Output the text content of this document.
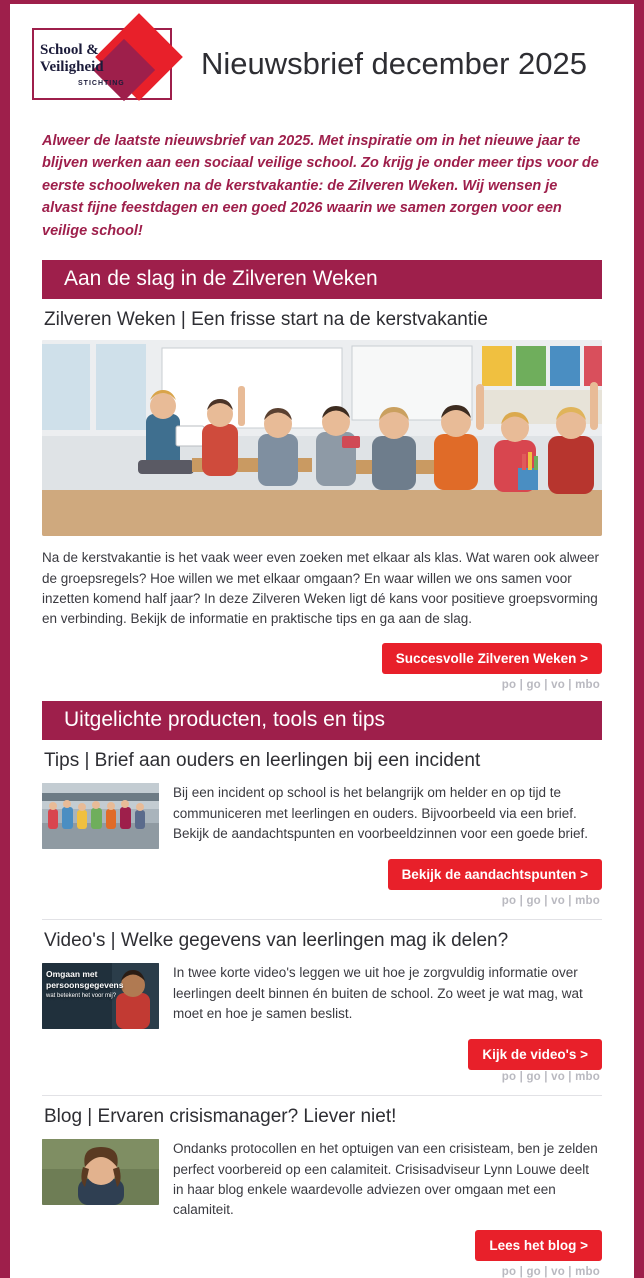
School &
Veiligheid
STICHTING
Nieuwsbrief december 2025
Alweer de laatste nieuwsbrief van 2025. Met inspiratie om in het nieuwe jaar te blijven werken aan een sociaal veilige school. Zo krijg je onder meer tips voor de eerste schoolweken na de kerstvakantie: de Zilveren Weken. Wij wensen je alvast fijne feestdagen en een goed 2026 waarin we samen zorgen voor een veilige school!
Aan de slag in de Zilveren Weken
Zilveren Weken | Een frisse start na de kerstvakantie
Na de kerstvakantie is het vaak weer even zoeken met elkaar als klas. Wat waren ook alweer de groepsregels? Hoe willen we met elkaar omgaan? En waar willen we ons samen voor inzetten komend half jaar? In deze Zilveren Weken ligt dé kans voor positieve groepsvorming en verbinding. Bekijk de informatie en praktische tips en ga aan de slag.
Succesvolle Zilveren Weken >
po | go | vo | mbo
Uitgelichte producten, tools en tips
Tips | Brief aan ouders en leerlingen bij een incident
Bij een incident op school is het belangrijk om helder en op tijd te communiceren met leerlingen en ouders. Bijvoorbeeld via een brief. Bekijk de aandachtspunten en voorbeeldzinnen voor een goede brief.
Bekijk de aandachtspunten >
po | go | vo | mbo
Video's | Welke gegevens van leerlingen mag ik delen?
Omgaan met persoonsgegevens
wat betekent het voor mij?
In twee korte video's leggen we uit hoe je zorgvuldig informatie over leerlingen deelt binnen én buiten de school. Zo weet je wat mag, wat moet en hoe je samen beslist.
Kijk de video's >
po | go | vo | mbo
Blog | Ervaren crisismanager? Liever niet!
Ondanks protocollen en het optuigen van een crisisteam, ben je zelden perfect voorbereid op een calamiteit. Crisisadviseur Lynn Louwe deelt in haar blog enkele waardevolle adviezen over omgaan met een calamiteit.
Lees het blog >
po | go | vo | mbo
